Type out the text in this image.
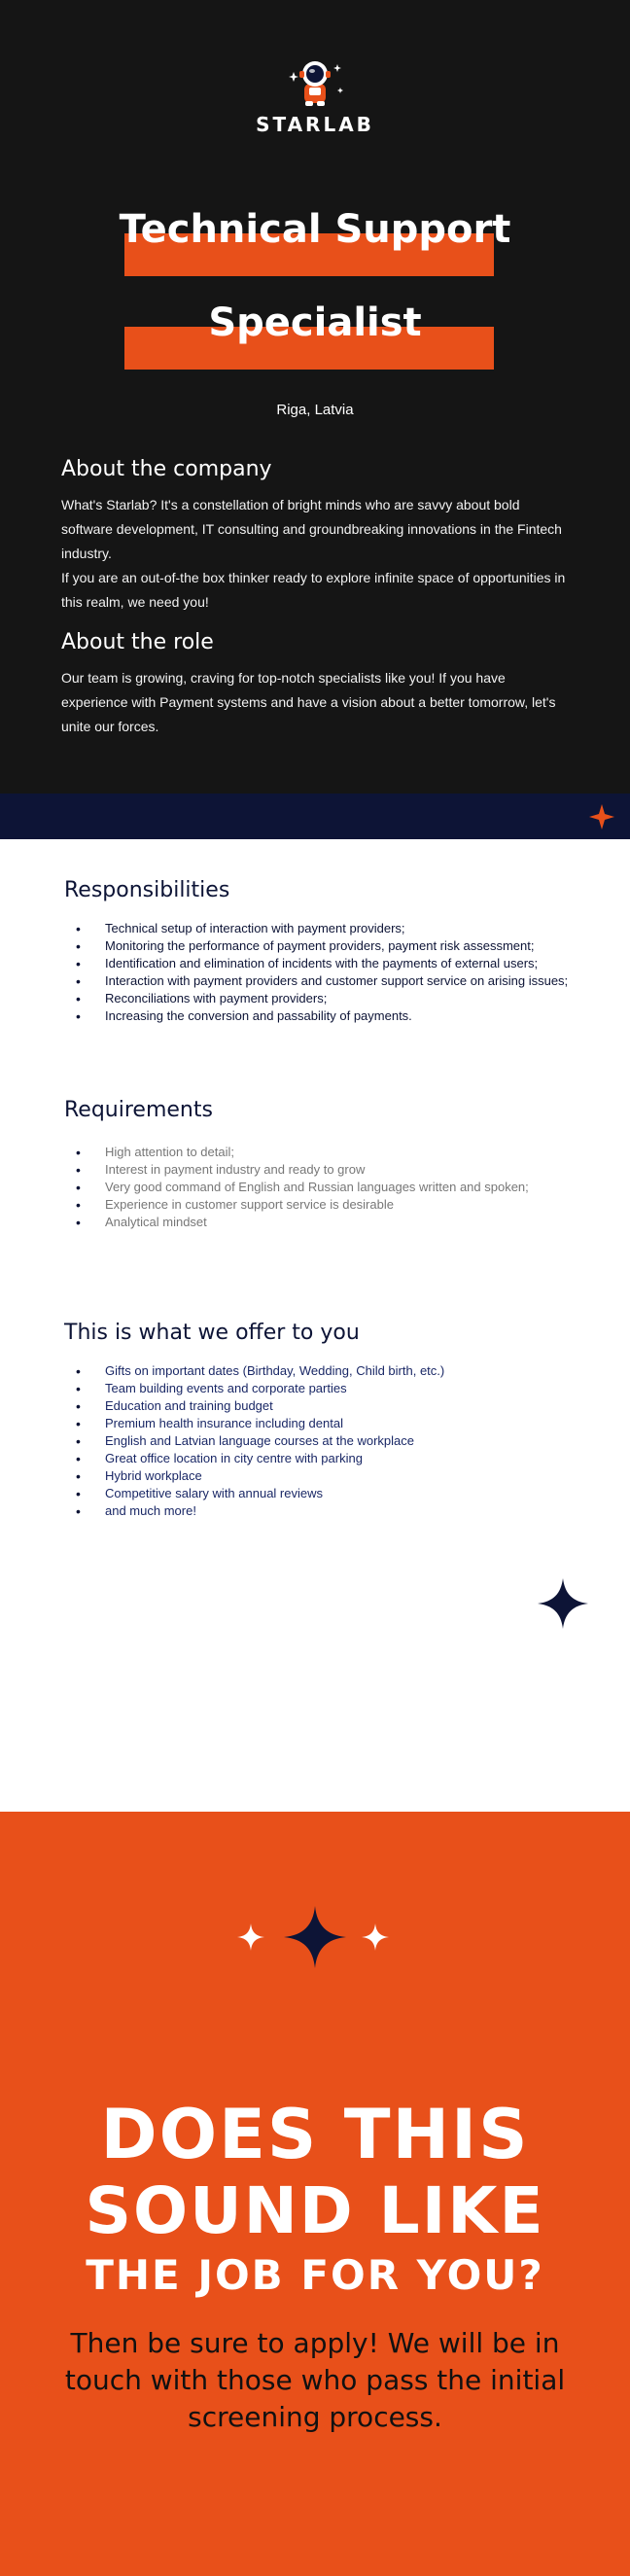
STARLAB
Technical Support
Specialist
Riga, Latvia
About the company

What's Starlab? It's a constellation of bright minds who are savvy about bold software development, IT consulting and groundbreaking innovations in the Fintech industry.

If you are an out-of-the box thinker ready to explore infinite space of opportunities in this realm, we need you!

About the role

Our team is growing, craving for top-notch specialists like you! If you have experience with Payment systems and have a vision about a better tomorrow, let's unite our forces.

Responsibilities
• Technical setup of interaction with payment providers;
• Monitoring the performance of payment providers, payment risk assessment;
• Identification and elimination of incidents with the payments of external users;
• Interaction with payment providers and customer support service on arising issues;
• Reconciliations with payment providers;
• Increasing the conversion and passability of payments.
Requirements
• High attention to detail;
• Interest in payment industry and ready to grow
• Very good command of English and Russian languages written and spoken;
• Experience in customer support service is desirable
• Analytical mindset
This is what we offer to you
• Gifts on important dates (Birthday, Wedding, Child birth, etc.)
• Team building events and corporate parties
• Education and training budget
• Premium health insurance including dental
• English and Latvian language courses at the workplace
• Great office location in city centre with parking
• Hybrid workplace
• Competitive salary with annual reviews
• and much more!
DOES THIS
SOUND LIKE
THE JOB FOR YOU?
Then be sure to apply! We will be in touch with those who pass the initial screening process.
